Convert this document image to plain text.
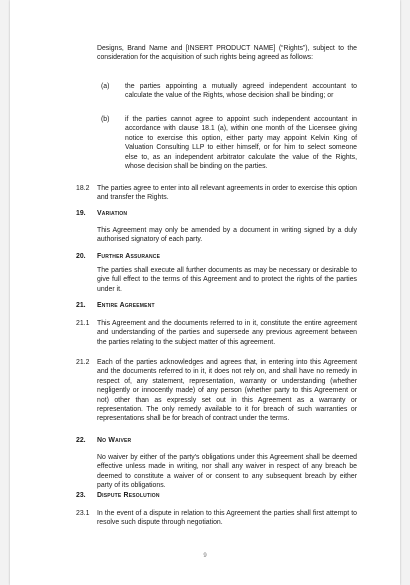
Designs, Brand Name and [INSERT PRODUCT NAME] (“Rights”), subject to the consideration for the acquisition of such rights being agreed as follows:
(a) the parties appointing a mutually agreed independent accountant to calculate the value of the Rights, whose decision shall be binding; or
(b) if the parties cannot agree to appoint such independent accountant in accordance with clause 18.1 (a), within one month of the Licensee giving notice to exercise this option, either party may appoint Kelvin King of Valuation Consulting LLP to either himself, or for him to select someone else to, as an independent arbitrator calculate the value of the Rights, whose decision shall be binding on the parties.
18.2 The parties agree to enter into all relevant agreements in order to exercise this option and transfer the Rights.
19. Variation
This Agreement may only be amended by a document in writing signed by a duly authorised signatory of each party.
20. Further Assurance
The parties shall execute all further documents as may be necessary or desirable to give full effect to the terms of this Agreement and to protect the rights of the parties under it.
21. Entire Agreement
21.1 This Agreement and the documents referred to in it, constitute the entire agreement and understanding of the parties and supersede any previous agreement between the parties relating to the subject matter of this agreement.
21.2 Each of the parties acknowledges and agrees that, in entering into this Agreement and the documents referred to in it, it does not rely on, and shall have no remedy in respect of, any statement, representation, warranty or understanding (whether negligently or innocently made) of any person (whether party to this Agreement or not) other than as expressly set out in this Agreement as a warranty or representation. The only remedy available to it for breach of such warranties or representations shall be for breach of contract under the terms.
22. No Waiver
No waiver by either of the party's obligations under this Agreement shall be deemed effective unless made in writing, nor shall any waiver in respect of any breach be deemed to constitute a waiver of or consent to any subsequent breach by either party of its obligations.
23. Dispute Resolution
23.1 In the event of a dispute in relation to this Agreement the parties shall first attempt to resolve such dispute through negotiation.
9
